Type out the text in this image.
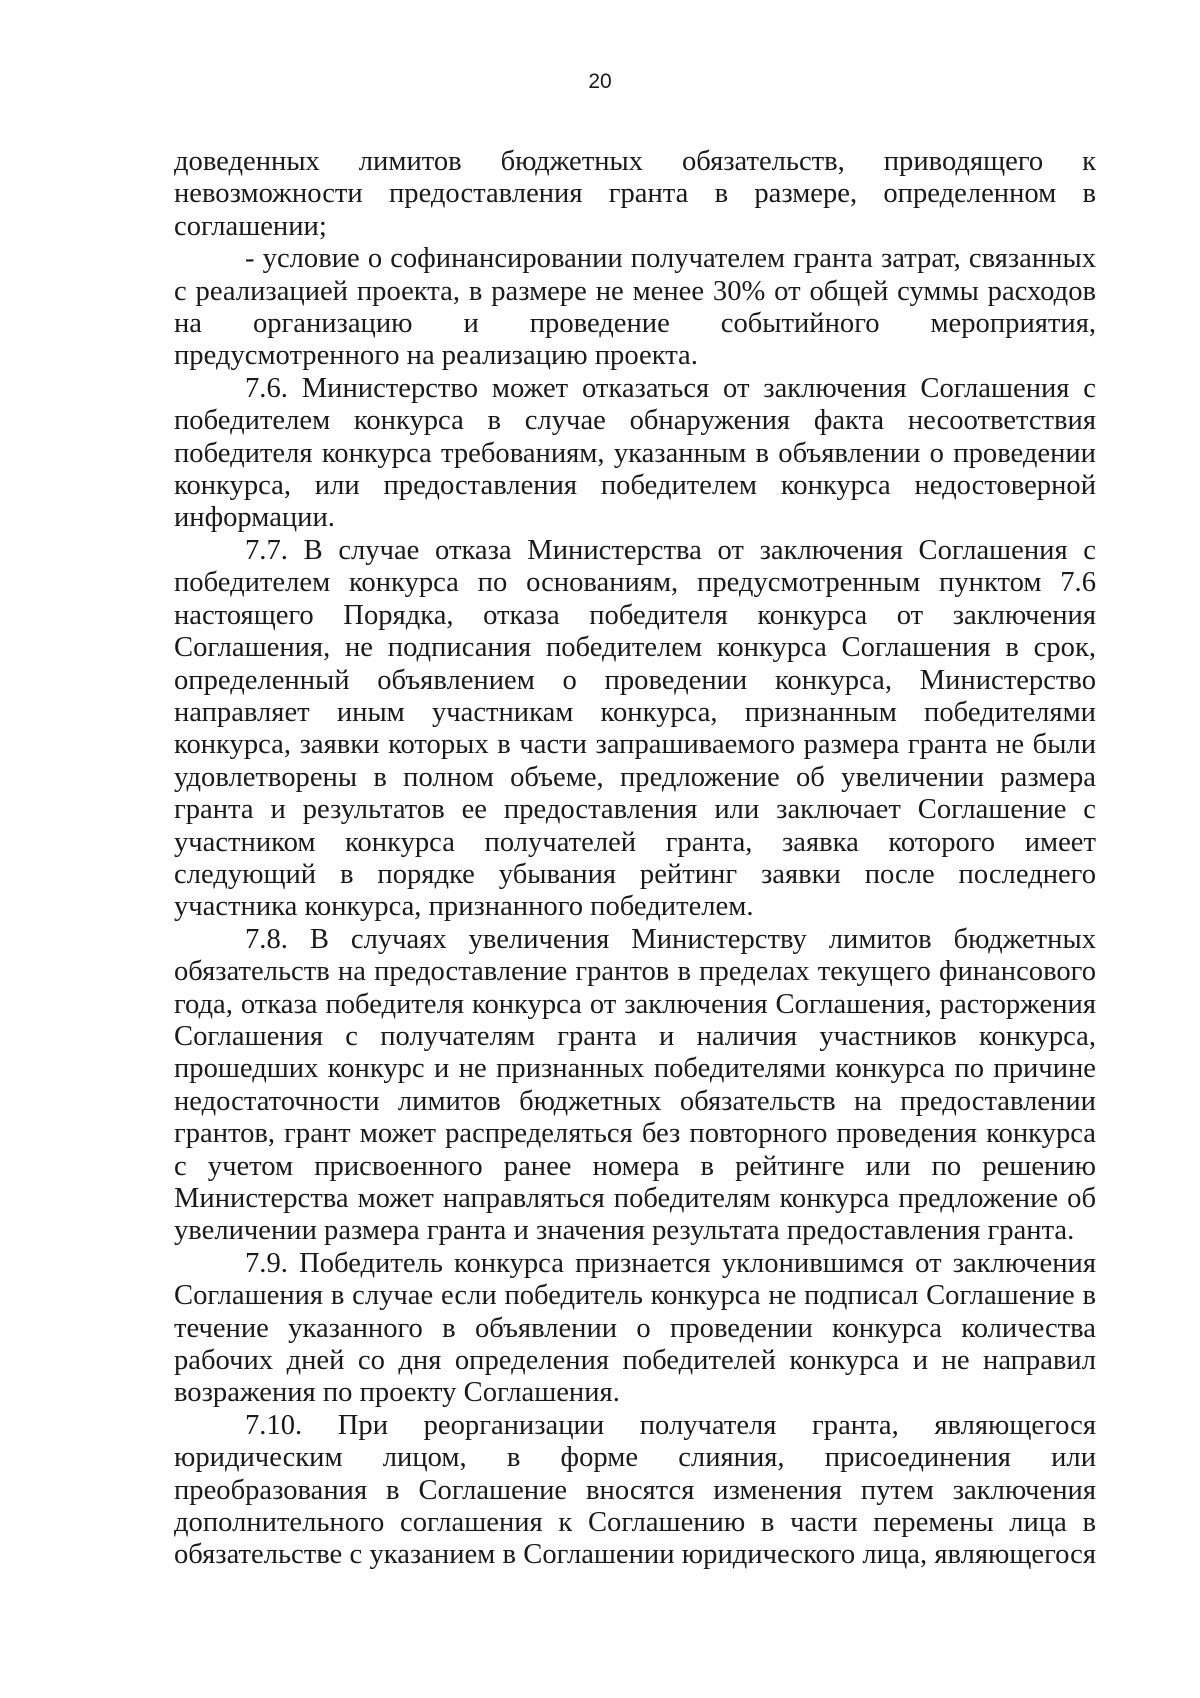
20

доведенных лимитов бюджетных обязательств, приводящего к невозможности предоставления гранта в размере, определенном в соглашении;

- условие о софинансировании получателем гранта затрат, связанных с реализацией проекта, в размере не менее 30% от общей суммы расходов на организацию и проведение событийного мероприятия, предусмотренного на реализацию проекта.

7.6. Министерство может отказаться от заключения Соглашения с победителем конкурса в случае обнаружения факта несоответствия победителя конкурса требованиям, указанным в объявлении о проведении конкурса, или предоставления победителем конкурса недостоверной информации.

7.7. В случае отказа Министерства от заключения Соглашения с победителем конкурса по основаниям, предусмотренным пунктом 7.6 настоящего Порядка, отказа победителя конкурса от заключения Соглашения, не подписания победителем конкурса Соглашения в срок, определенный объявлением о проведении конкурса, Министерство направляет иным участникам конкурса, признанным победителями конкурса, заявки которых в части запрашиваемого размера гранта не были удовлетворены в полном объеме, предложение об увеличении размера гранта и результатов ее предоставления или заключает Соглашение с участником конкурса получателей гранта, заявка которого имеет следующий в порядке убывания рейтинг заявки после последнего участника конкурса, признанного победителем.

7.8. В случаях увеличения Министерству лимитов бюджетных обязательств на предоставление грантов в пределах текущего финансового года, отказа победителя конкурса от заключения Соглашения, расторжения Соглашения с получателям гранта и наличия участников конкурса, прошедших конкурс и не признанных победителями конкурса по причине недостаточности лимитов бюджетных обязательств на предоставлении грантов, грант может распределяться без повторного проведения конкурса с учетом присвоенного ранее номера в рейтинге или по решению Министерства может направляться победителям конкурса предложение об увеличении размера гранта и значения результата предоставления гранта.

7.9. Победитель конкурса признается уклонившимся от заключения Соглашения в случае если победитель конкурса не подписал Соглашение в течение указанного в объявлении о проведении конкурса количества рабочих дней со дня определения победителей конкурса и не направил возражения по проекту Соглашения.

7.10. При реорганизации получателя гранта, являющегося юридическим лицом, в форме слияния, присоединения или преобразования в Соглашение вносятся изменения путем заключения дополнительного соглашения к Соглашению в части перемены лица в обязательстве с указанием в Соглашении юридического лица, являющегося
